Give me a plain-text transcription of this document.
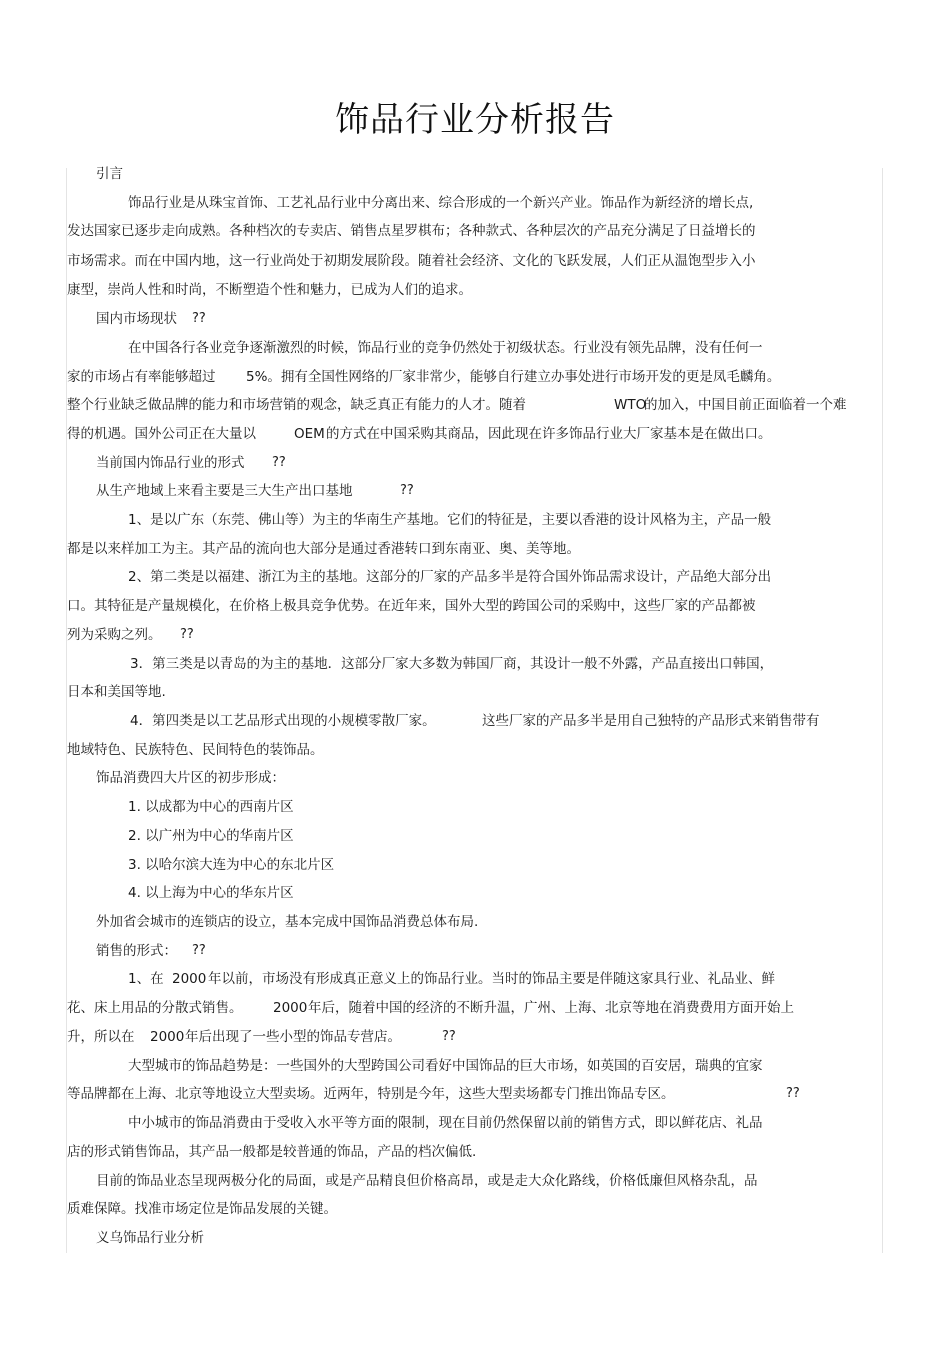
饰品行业分析报告
引言
饰品行业是从珠宝首饰、工艺礼品行业中分离出来、综合形成的一个新兴产业。饰品作为新经济的增长点,
发达国家已逐步走向成熟。各种档次的专卖店、销售点星罗棋布；各种款式、各种层次的产品充分满足了日益增长的
市场需求。而在中国内地，这一行业尚处于初期发展阶段。随着社会经济、文化的飞跃发展，人们正从温饱型步入小
康型，崇尚人性和时尚，不断塑造个性和魅力，已成为人们的追求。
国内市场现状 ??
在中国各行各业竞争逐渐激烈的时候，饰品行业的竞争仍然处于初级状态。行业没有领先品牌，没有任何一
家的市场占有率能够超过 5%。拥有全国性网络的厂家非常少，能够自行建立办事处进行市场开发的更是凤毛麟角。
整个行业缺乏做品牌的能力和市场营销的观念，缺乏真正有能力的人才。随着	WTO
的加入，中国目前正面临着一个难
得的机遇。国外公司正在大量以	OEM 的方式在中国采购其商品，因此现在许多饰品行业大厂家基本是在做出口。
当前国内饰品行业的形式 ??
从生产地域上来看主要是三大生产出口基地	??
1、是以广东（东莞、佛山等）为主的华南生产基地。它们的特征是，主要以香港的设计风格为主，产品一般
都是以来样加工为主。其产品的流向也大部分是通过香港转口到东南亚、奥、美等地。
2、第二类是以福建、浙江为主的基地。这部分的厂家的产品多半是符合国外饰品需求设计，产品绝大部分出
口。其特征是产量规模化，在价格上极具竞争优势。在近年来，国外大型的跨国公司的采购中，这些厂家的产品都被
列为采购之列。 ??
3．第三类是以青岛的为主的基地．这部分厂家大多数为韩国厂商，其设计一般不外露，产品直接出口韩国，
日本和美国等地.
4．第四类是以工艺品形式出现的小规模零散厂家。	这些厂家的产品多半是用自己独特的产品形式来销售带有
地域特色、民族特色、民间特色的装饰品。
饰品消费四大片区的初步形成：
1. 以成都为中心的西南片区
2. 以广州为中心的华南片区
3. 以哈尔滨大连为中心的东北片区
4. 以上海为中心的华东片区
外加省会城市的连锁店的设立，基本完成中国饰品消费总体布局.
销售的形式： ??
1、在 2000 年以前，市场没有形成真正意义上的饰品行业。当时的饰品主要是伴随这家具行业、礼品业、鲜
花、床上用品的分散式销售。 2000 年后，随着中国的经济的不断升温，广州、上海、北京等地在消费费用方面开始上
升，所以在 2000 年后出现了一些小型的饰品专营店。	??
大型城市的饰品趋势是：一些国外的大型跨国公司看好中国饰品的巨大市场，如英国的百安居，瑞典的宜家
等品牌都在上海、北京等地设立大型卖场。近两年，特别是今年，这些大型卖场都专门推出饰品专区。	??
中小城市的饰品消费由于受收入水平等方面的限制，现在目前仍然保留以前的销售方式，即以鲜花店、礼品
店的形式销售饰品，其产品一般都是较普通的饰品，产品的档次偏低.
目前的饰品业态呈现两极分化的局面，或是产品精良但价格高昂，或是走大众化路线，价格低廉但风格杂乱，品
质难保障。找准市场定位是饰品发展的关键。
义乌饰品行业分析
